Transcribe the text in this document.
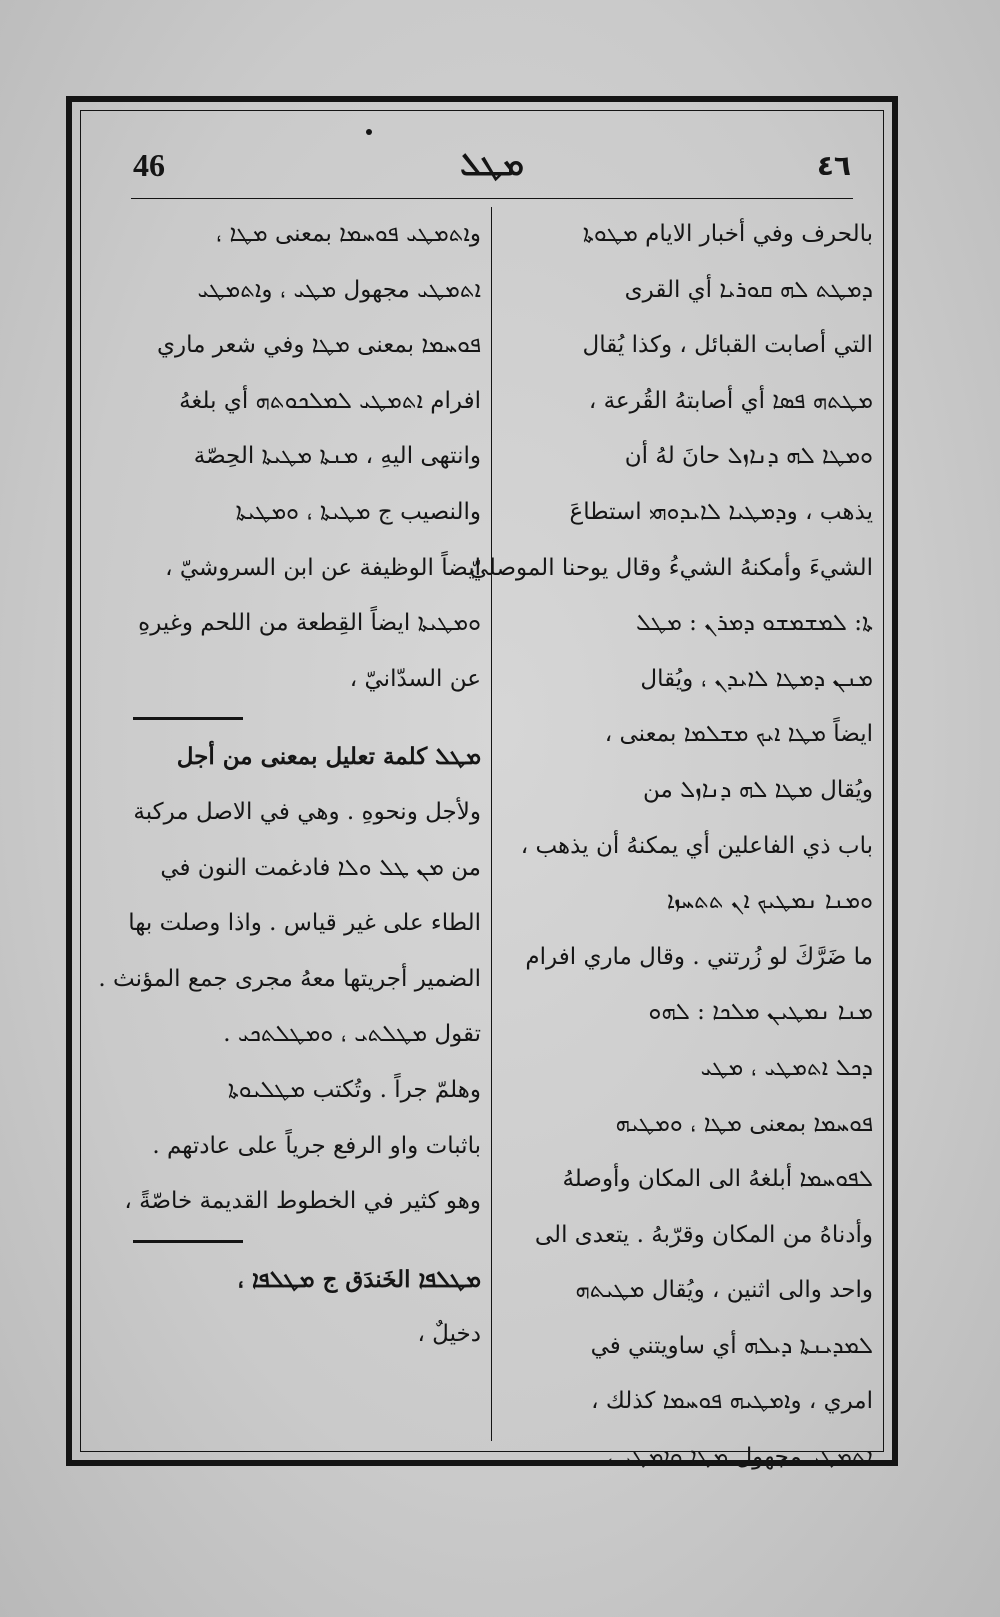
46	ܡܛܠ	٤٦
بالحرف وفي أخبار الايام ܡܛܘܬܐ
ܕܡܛܬ ܠܗ ܩܘܪܝܐ أي القرى
التي أصابت القبائل ، وكذا يُقال
ܡܛܬܗ ܦܣܐ أي أصابتهُ القُرعة ،
ܘܡܛܐ ܠܗ ܕܢܐܙܠ حانَ لهُ أن
يذهب ، وܕܡܛܝܐ ܠܐܝܕܘܗܝ استطاعَ
الشيءَ وأمكنهُ الشيءُ وقال يوحنا الموصليّ
ܬܐ: ܠܡܫܡܫܘ ܕܡܪܢ : ܡܛܠ
ܡܢܢ ܕܡܛܐ ܠܐܝܕܢ ، ويُقال
ايضاً ܡܛܐ ܐܝܟ ܡܫܠܡܐ بمعنى ،
ويُقال ܡܛܐ ܠܗ ܕܢܐܙܠ من
باب ذي الفاعلين أي يمكنهُ أن يذهب ،
ܘܡܢܐ ܢܡܛܝܟ ܐܢ ܬܬܚܙܐ
ما ضَرَّكَ لو زُرتني . وقال ماري افرام
ܡܢܐ ܢܡܛܝܢ ܡܠܟܐ : ܠܗܘ
ܕܟܠ ܐܬܡܛܝ ، ܡܛܝ
ܦܘܚܡܐ بمعنى ܡܛܐ ، ܘܡܛܝܗ
ܠܦܘܚܡܐ أبلغهُ الى المكان وأوصلهُ
وأدناهُ من المكان وقرّبهُ . يتعدى الى
واحد والى اثنين ، ويُقال ܡܛܝܬܗ
ܠܡܕܝܢܬܐ ܕܝܠܗ أي ساويتني في
امري ، وܐܡܛܝܗ ܦܘܚܡܐ كذلك ،
ܐܬܡܛܝ مجهول ܡܛܐ ܘܐܡܛܝ ،
وܐܬܡܛܝ ܦܘܚܡܐ بمعنى ܡܛܐ ،
ܐܬܡܛܝ مجهول ܡܛܝ ، وܐܬܡܛܝ
ܦܘܚܡܐ بمعنى ܡܛܐ وفي شعر ماري
افرام ܐܬܡܛܝ ܠܡܠܟܘܬܗ أي بلغهُ
وانتهى اليهِ ، ܡܢܬܐ ܡܛܝܬܐ الحِصّة
والنصيب ج ܡܛܝܬܐ ، ܘܡܛܝܬܐ
ايضاً الوظيفة عن ابن السروشيّ ،
ܘܡܛܝܬܐ ايضاً القِطعة من اللحم وغيرهِ
عن السدّانيّ ،
ܡܛܠ كلمة تعليل بمعنى من أجل
ولأجل ونحوهِ . وهي في الاصل مركبة
من ܡܢ ܛܠ ܘܠܐ فادغمت النون في
الطاء على غير قياس . واذا وصلت بها
الضمير أجريتها معهُ مجرى جمع المؤنث .
تقول ܡܛܠܬܝ ، ܘܡܛܠܬܟܝ .
وهلمّ جراً . وتُكتب ܡܛܠܝܘܬܐ
باثبات واو الرفع جرياً على عادتهم .
وهو كثير في الخطوط القديمة خاصّةً ،
ܡܛܠܦܐ الخَندَق ج ܡܛܠܦܐ ،
دخيلٌ ،
